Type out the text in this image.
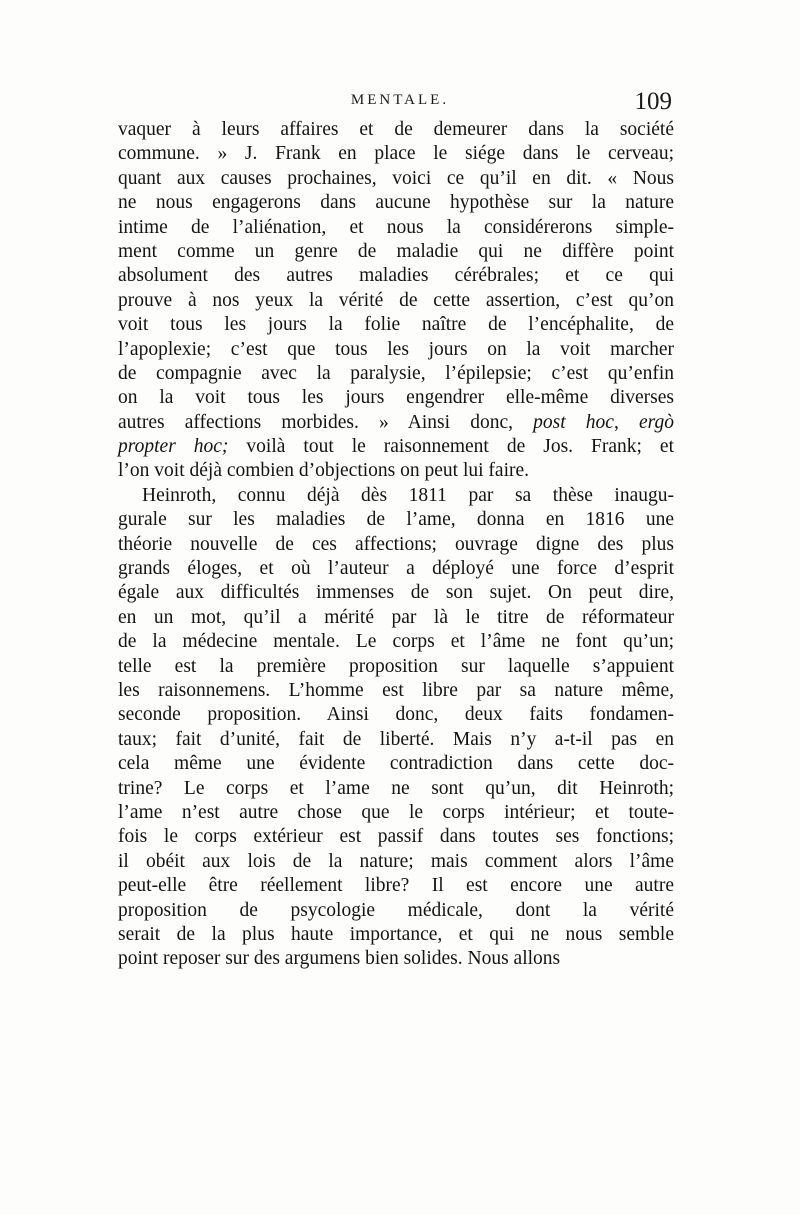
MENTALE.	109
vaquer à leurs affaires et de demeurer dans la société
commune. » J. Frank en place le siége dans le cerveau;
quant aux causes prochaines, voici ce qu’il en dit. « Nous
ne nous engagerons dans aucune hypothèse sur la nature
intime de l’aliénation, et nous la considérerons simple-
ment comme un genre de maladie qui ne diffère point
absolument des autres maladies cérébrales; et ce qui
prouve à nos yeux la vérité de cette assertion, c’est qu’on
voit tous les jours la folie naître de l’encéphalite, de
l’apoplexie; c’est que tous les jours on la voit marcher
de compagnie avec la paralysie, l’épilepsie; c’est qu’enfin
on la voit tous les jours engendrer elle-même diverses
autres affections morbides. » Ainsi donc, post hoc, ergò
propter hoc; voilà tout le raisonnement de Jos. Frank; et
l’on voit déjà combien d’objections on peut lui faire.
Heinroth, connu déjà dès 1811 par sa thèse inaugu-
gurale sur les maladies de l’ame, donna en 1816 une
théorie nouvelle de ces affections; ouvrage digne des plus
grands éloges, et où l’auteur a déployé une force d’esprit
égale aux difficultés immenses de son sujet. On peut dire,
en un mot, qu’il a mérité par là le titre de réformateur
de la médecine mentale. Le corps et l’âme ne font qu’un;
telle est la première proposition sur laquelle s’appuient
les raisonnemens. L’homme est libre par sa nature même,
seconde proposition. Ainsi donc, deux faits fondamen-
taux; fait d’unité, fait de liberté. Mais n’y a-t-il pas en
cela même une évidente contradiction dans cette doc-
trine? Le corps et l’ame ne sont qu’un, dit Heinroth;
l’ame n’est autre chose que le corps intérieur; et toute-
fois le corps extérieur est passif dans toutes ses fonctions;
il obéit aux lois de la nature; mais comment alors l’âme
peut-elle être réellement libre? Il est encore une autre
proposition de psycologie médicale, dont la vérité
serait de la plus haute importance, et qui ne nous semble
point reposer sur des argumens bien solides. Nous allons
